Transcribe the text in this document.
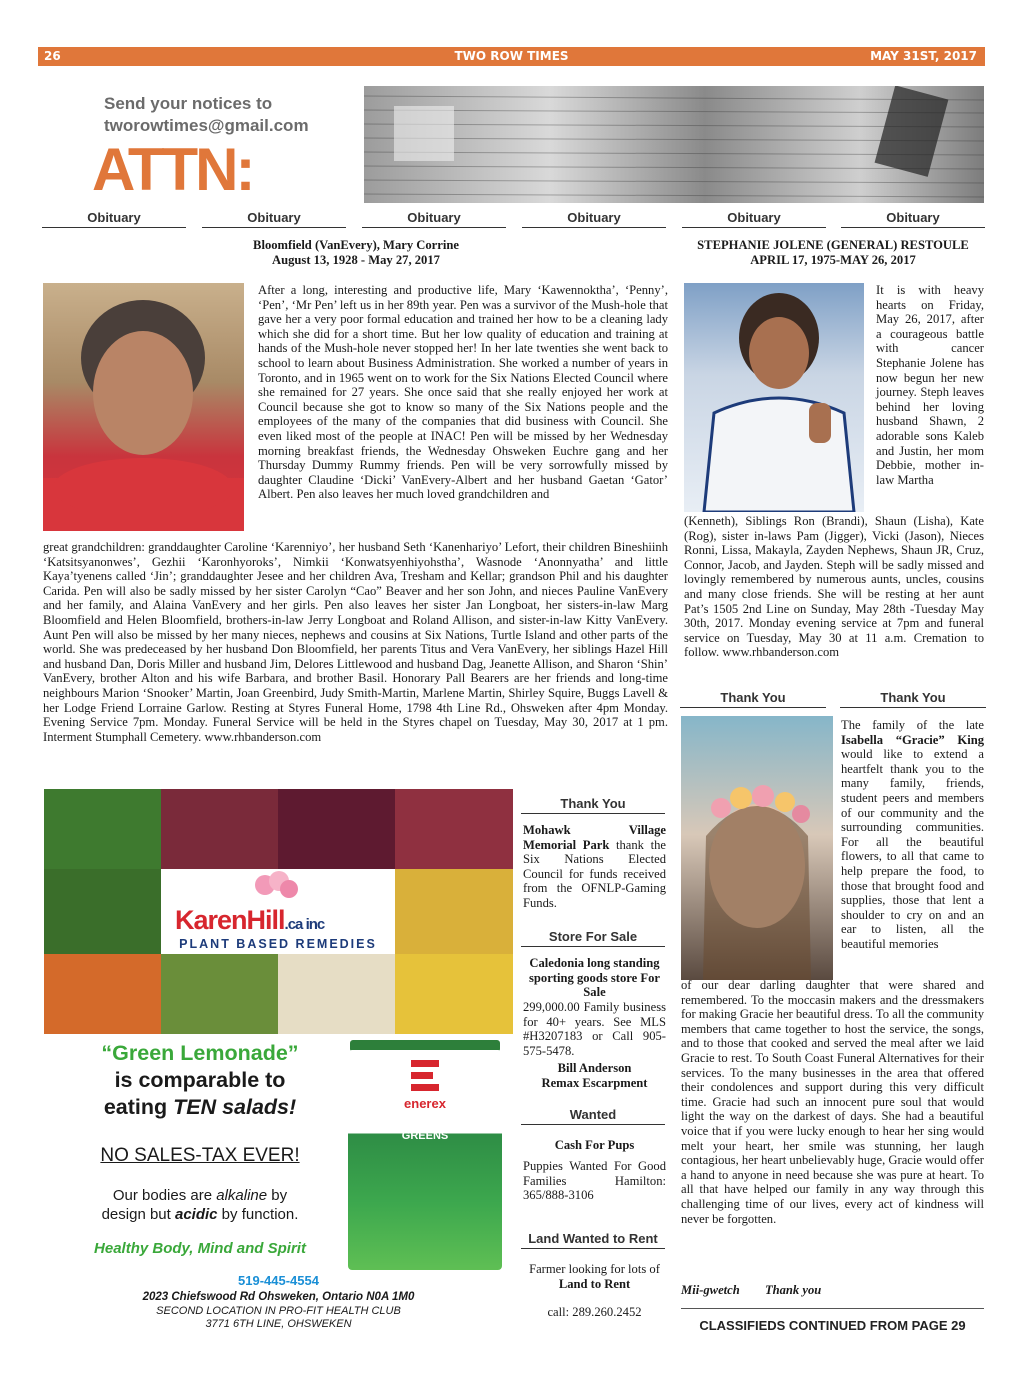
26	TWO ROW TIMES	MAY 31ST, 2017
Send your notices to
tworowtimes@gmail.com
ATTN:
Obituary	Obituary	Obituary	Obituary	Obituary	Obituary
Bloomfield (VanEvery), Mary Corrine
August 13, 1928 - May 27, 2017
After a long, interesting and productive life, Mary ‘Kawennoktha’, ‘Penny’, ‘Pen’, ‘Mr Pen’ left us in her 89th year. Pen was a survivor of the Mush-hole that gave her a very poor formal education and trained her how to be a cleaning lady which she did for a short time. But her low quality of education and training at hands of the Mush-hole never stopped her! In her late twenties she went back to school to learn about Business Administration. She worked a number of years in Toronto, and in 1965 went on to work for the Six Nations Elected Council where she remained for 27 years. She once said that she really enjoyed her work at Council because she got to know so many of the Six Nations people and the employees of the many of the companies that did business with Council. She even liked most of the people at INAC! Pen will be missed by her Wednesday morning breakfast friends, the Wednesday Ohsweken Euchre gang and her Thursday Dummy Rummy friends. Pen will be very sorrowfully missed by daughter Claudine ‘Dicki’ VanEvery-Albert and her husband Gaetan ‘Gator’ Albert. Pen also leaves her much loved grandchildren and
great grandchildren: granddaughter Caroline ‘Karenniyo’, her husband Seth ‘Kanenhariyo’ Lefort, their children Bineshiinh ‘Katsitsyanonwes’, Gezhii ‘Karonhyoroks’, Nimkii ‘Konwatsyenhiyohstha’, Wasnode ‘Anonnyatha’ and little Kaya’tyenens called ‘Jin’; granddaughter Jesee and her children Ava, Tresham and Kellar; grandson Phil and his daughter Carida. Pen will also be sadly missed by her sister Carolyn “Cao” Beaver and her son John, and nieces Pauline VanEvery and her family, and Alaina VanEvery and her girls. Pen also leaves her sister Jan Longboat, her sisters-in-law Marg Bloomfield and Helen Bloomfield, brothers-in-law Jerry Longboat and Roland Allison, and sister-in-law Kitty VanEvery. Aunt Pen will also be missed by her many nieces, nephews and cousins at Six Nations, Turtle Island and other parts of the world. She was predeceased by her husband Don Bloomfield, her parents Titus and Vera VanEvery, her siblings Hazel Hill and husband Dan, Doris Miller and husband Jim, Delores Littlewood and husband Dag, Jeanette Allison, and Sharon ‘Shin’ VanEvery, brother Alton and his wife Barbara, and brother Basil. Honorary Pall Bearers are her friends and long-time neighbours Marion ‘Snooker’ Martin, Joan Greenbird, Judy Smith-Martin, Marlene Martin, Shirley Squire, Buggs Lavell & her Lodge Friend Lorraine Garlow. Resting at Styres Funeral Home, 1798 4th Line Rd., Ohsweken after 4pm Monday. Evening Service 7pm. Monday. Funeral Service will be held in the Styres chapel on Tuesday, May 30, 2017 at 1 pm. Interment Stumphall Cemetery. www.rhbanderson.com
STEPHANIE JOLENE (GENERAL) RESTOULE
APRIL 17, 1975-MAY 26, 2017
It is with heavy hearts on Friday, May 26, 2017, after a courageous battle with cancer Stephanie Jolene has now begun her new journey. Steph leaves behind her loving husband Shawn, 2 adorable sons Kaleb and Justin, her mom Debbie, mother in-law Martha
(Kenneth), Siblings Ron (Brandi), Shaun (Lisha), Kate (Rog), sister in-laws Pam (Jigger), Vicki (Jason), Nieces Ronni, Lissa, Makayla, Zayden Nephews, Shaun JR, Cruz, Connor, Jacob, and Jayden. Steph will be sadly missed and lovingly remembered by numerous aunts, uncles, cousins and many close friends. She will be resting at her aunt Pat’s 1505 2nd Line on Sunday, May 28th -Tuesday May 30th, 2017. Monday evening service at 7pm and funeral service on Tuesday, May 30 at 11 a.m. Cremation to follow. www.rhbanderson.com
Thank You	Thank You
The family of the late Isabella “Gracie” King would like to extend a heartfelt thank you to the many family, friends, student peers and members of our community and the surrounding communities. For all the beautiful flowers, to all that came to help prepare the food, to those that brought food and supplies, those that lent a shoulder to cry on and an ear to listen, all the beautiful memories
of our dear darling daughter that were shared and remembered. To the moccasin makers and the dressmakers for making Gracie her beautiful dress. To all the community members that came together to host the service, the songs, and to those that cooked and served the meal after we laid Gracie to rest. To South Coast Funeral Alternatives for their services. To the many businesses in the area that offered their condolences and support during this very difficult time. Gracie had such an innocent pure soul that would light the way on the darkest of days. She had a beautiful voice that if you were lucky enough to hear her sing would melt your heart, her smile was stunning, her laugh contagious, her heart unbelievably huge, Gracie would offer a hand to anyone in need because she was pure at heart. To all that have helped our family in any way through this challenging time of our lives, every act of kindness will never be forgotten.
Mii-gwetch Thank you
CLASSIFIEDS CONTINUED FROM PAGE 29
Thank You
Mohawk Village Memorial Park thank the Six Nations Elected Council for funds received from the OFNLP-Gaming Funds.
Store For Sale
Caledonia long standing sporting goods store For Sale
299,000.00 Family business for 40+ years. See MLS #H3207183 or Call 905-575-5478.
Bill Anderson
Remax Escarpment
Wanted
Cash For Pups
Puppies Wanted For Good Families Hamilton: 365/888-3106
Land Wanted to Rent
Farmer looking for lots of
Land to Rent
call: 289.260.2452
KarenHill.ca inc
PLANT BASED REMEDIES
“Green Lemonade”
is comparable to
eating TEN salads!
NO SALES-TAX EVER!
Our bodies are alkaline by
design but acidic by function.
Healthy Body, Mind and Spirit
enerex
GREENS
519-445-4554
2023 Chiefswood Rd Ohsweken, Ontario N0A 1M0
SECOND LOCATION IN PRO-FIT HEALTH CLUB
3771 6TH LINE, OHSWEKEN
